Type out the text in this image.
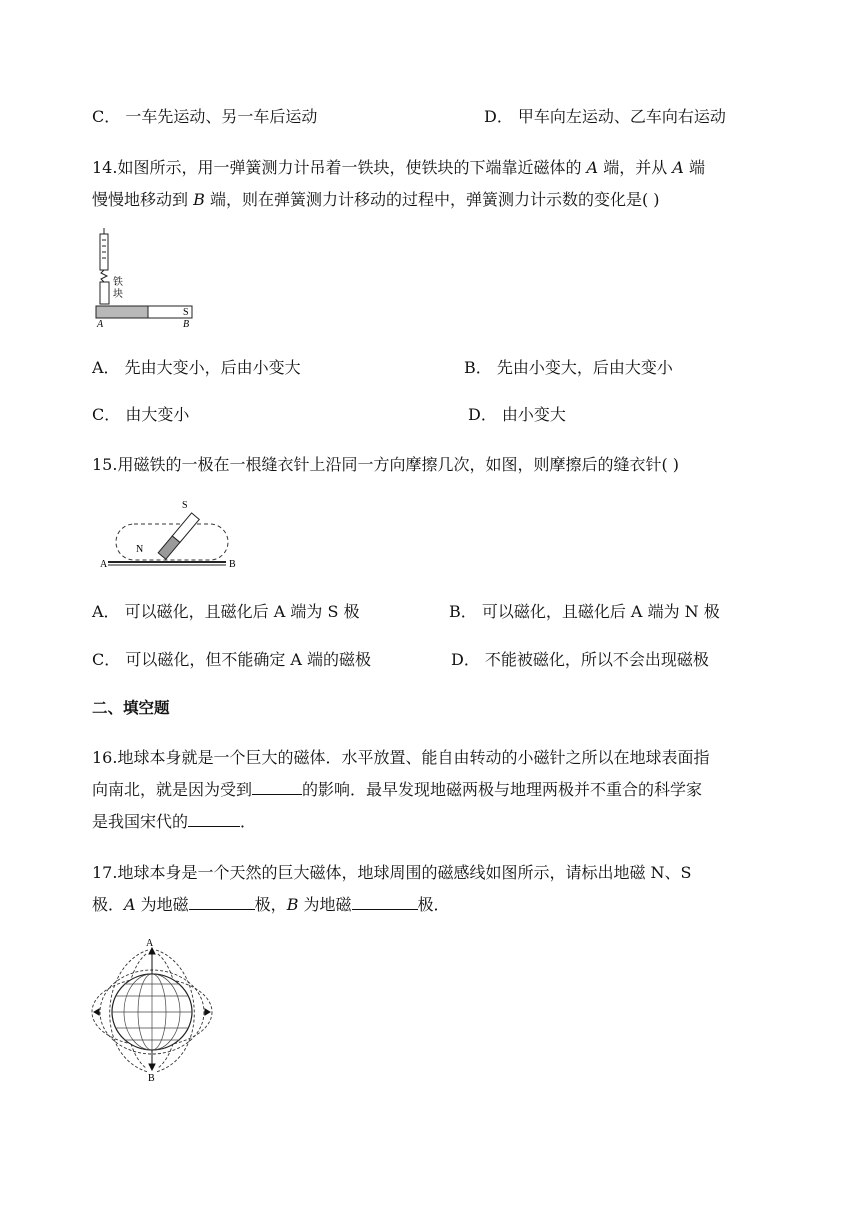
C． 一车先运动、另一车后运动	D． 甲车向左运动、乙车向右运动
14.如图所示，用一弹簧测力计吊着一铁块，使铁块的下端靠近磁体的 A 端，并从 A 端
慢慢地移动到 B 端，则在弹簧测力计移动的过程中，弹簧测力计示数的变化是( )
铁
块
A
S
B
A． 先由大变小，后由小变大	B． 先由小变大，后由大变小
C． 由大变小	D． 由小变大
15.用磁铁的一极在一根缝衣针上沿同一方向摩擦几次，如图，则摩擦后的缝衣针( )
S
N
A	B
A． 可以磁化，且磁化后 A 端为 S 极	B． 可以磁化，且磁化后 A 端为 N 极
C． 可以磁化，但不能确定 A 端的磁极	D． 不能被磁化，所以不会出现磁极
二、填空题
16.地球本身就是一个巨大的磁体．水平放置、能自由转动的小磁针之所以在地球表面指
向南北，就是因为受到	的影响．最早发现地磁两极与地理两极并不重合的科学家
是我国宋代的	．
17.地球本身是一个天然的巨大磁体，地球周围的磁感线如图所示，请标出地磁 N、S
极．A 为地磁	极，B 为地磁	极．
A
B
